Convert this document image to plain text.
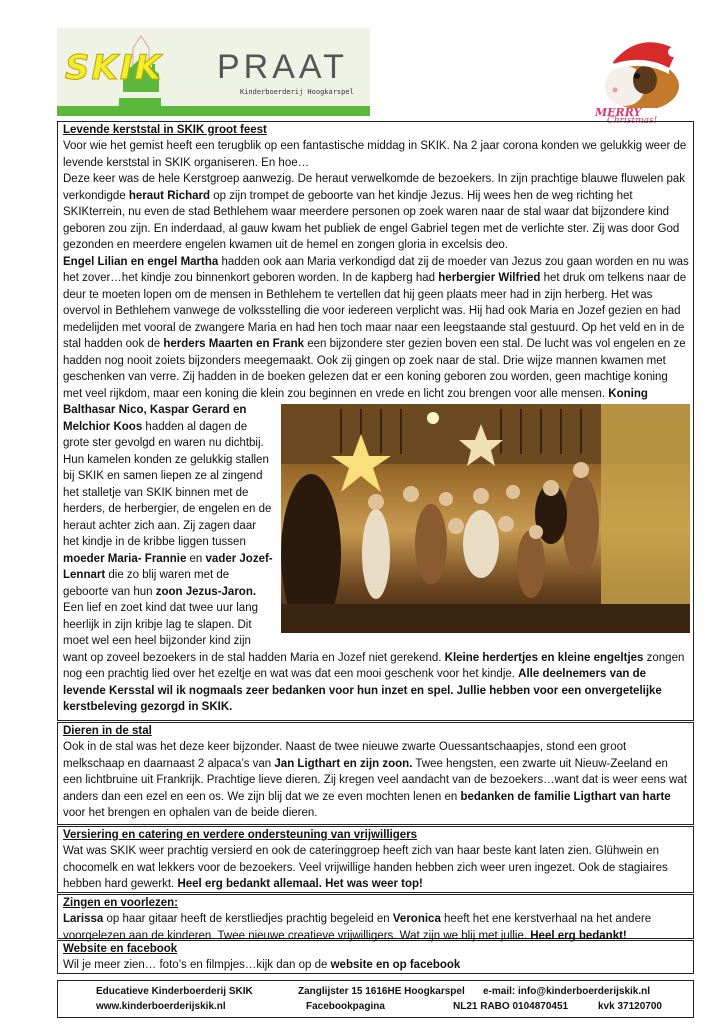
SKIK PRAAT
Kinderboerderij Hoogkarspel
MERRY
Christmas!
Levende kerststal in SKIK groot feest

Voor wie het gemist heeft een terugblik op een fantastische middag in SKIK. Na 2 jaar corona konden we gelukkig weer de levende kerststal in SKIK organiseren. En hoe…

Deze keer was de hele Kerstgroep aanwezig. De heraut verwelkomde de bezoekers. In zijn prachtige blauwe fluwelen pak verkondigde heraut Richard op zijn trompet de geboorte van het kindje Jezus. Hij wees hen de weg richting het SKIKterrein, nu even de stad Bethlehem waar meerdere personen op zoek waren naar de stal waar dat bijzondere kind geboren zou zijn. En inderdaad, al gauw kwam het publiek de engel Gabriel tegen met de verlichte ster. Zij was door God gezonden en meerdere engelen kwamen uit de hemel en zongen gloria in excelsis deo.

Engel Lilian en engel Martha hadden ook aan Maria verkondigd dat zij de moeder van Jezus zou gaan worden en nu was het zover…het kindje zou binnenkort geboren worden. In de kapberg had herbergier Wilfried het druk om telkens naar de deur te moeten lopen om de mensen in Bethlehem te vertellen dat hij geen plaats meer had in zijn herberg. Het was overvol in Bethlehem vanwege de volksstelling die voor iedereen verplicht was. Hij had ook Maria en Jozef gezien en had medelijden met vooral de zwangere Maria en had hen toch maar naar een leegstaande stal gestuurd. Op het veld en in de stal hadden ook de herders Maarten en Frank een bijzondere ster gezien boven een stal. De lucht was vol engelen en ze hadden nog nooit zoiets bijzonders meegemaakt. Ook zij gingen op zoek naar de stal. Drie wijze mannen kwamen met geschenken van verre. Zij hadden in de boeken gelezen dat er een koning geboren zou worden, geen machtige koning met veel rijkdom, maar een koning die klein zou beginnen en vrede en licht zou brengen voor alle mensen.
Koning Balthasar Nico, Kaspar Gerard en Melchior Koos hadden al dagen de grote ster gevolgd en waren nu dichtbij. Hun kamelen konden ze gelukkig stallen bij SKIK en samen liepen ze al zingend het stalletje van SKIK binnen met de herders, de herbergier, de engelen en de heraut achter zich aan. Zij zagen daar het kindje in de kribbe liggen tussen moeder Maria- Frannie en vader Jozef-Lennart die zo blij waren met de geboorte van hun zoon Jezus-Jaron. Een lief en zoet kind dat twee uur lang heerlijk in zijn kribje lag te slapen. Dit moet wel een heel bijzonder kind zijn want op zoveel bezoekers in de stal hadden Maria en Jozef niet gerekend. Kleine herdertjes en kleine engeltjes zongen nog een prachtig lied over het ezeltje en wat was dat een mooi geschenk voor het kindje. Alle deelnemers van de levende Kersstal wil ik nogmaals zeer bedanken voor hun inzet en spel. Jullie hebben voor een onvergetelijke kerstbeleving gezorgd in SKIK.

Dieren in de stal

Ook in de stal was het deze keer bijzonder. Naast de twee nieuwe zwarte Ouessantschaapjes, stond een groot melkschaap en daarnaast 2 alpaca’s van Jan Ligthart en zijn zoon. Twee hengsten, een zwarte uit Nieuw-Zeeland en een lichtbruine uit Frankrijk. Prachtige lieve dieren. Zij kregen veel aandacht van de bezoekers…want dat is weer eens wat anders dan een ezel en een os. We zijn blij dat we ze even mochten lenen en bedanken de familie Ligthart van harte voor het brengen en ophalen van de beide dieren.

Versiering en catering en verdere ondersteuning van vrijwilligers

Wat was SKIK weer prachtig versierd en ook de cateringgroep heeft zich van haar beste kant laten zien. Glühwein en chocomelk en wat lekkers voor de bezoekers. Veel vrijwillige handen hebben zich weer uren ingezet. Ook de stagiaires hebben hard gewerkt. Heel erg bedankt allemaal. Het was weer top!

Zingen en voorlezen:

Larissa op haar gitaar heeft de kerstliedjes prachtig begeleid en Veronica heeft het ene kerstverhaal na het andere voorgelezen aan de kinderen. Twee nieuwe creatieve vrijwilligers. Wat zijn we blij met jullie. Heel erg bedankt!

Website en facebook

Wil je meer zien… foto’s en filmpjes…kijk dan op de website en op facebook

Educatieve Kinderboerderij SKIK	Zanglijster 15 1616HE Hoogkarspel e-mail: info@kinderboerderijskik.nl
www.kinderboerderijskik.nl	Facebookpagina	NL21 RABO 0104870451	kvk 37120700
